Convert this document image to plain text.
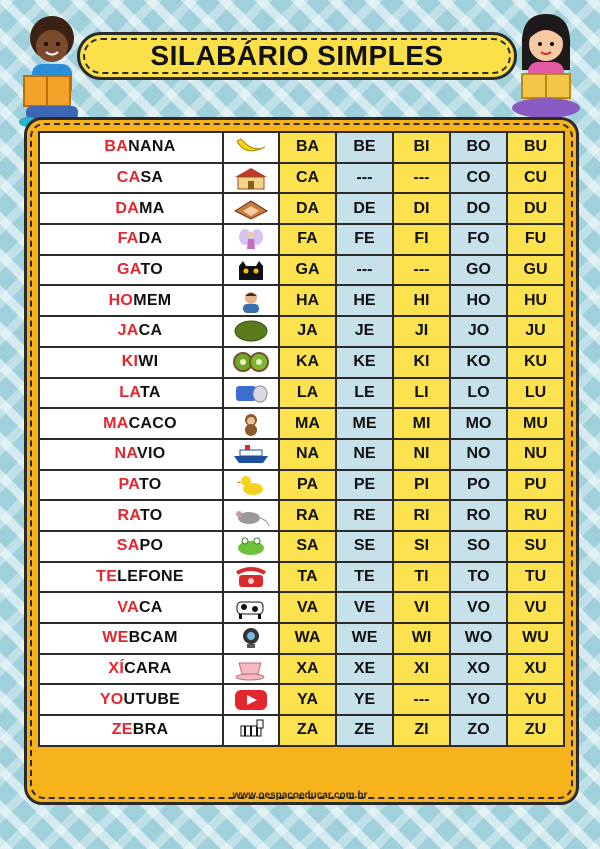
SILABÁRIO SIMPLES
BANANA		BA	BE	BI	BO	BU
CASA		CA	---	---	CO	CU
DAMA		DA	DE	DI	DO	DU
FADA		FA	FE	FI	FO	FU
GATO		GA	---	---	GO	GU
HOMEM		HA	HE	HI	HO	HU
JACA		JA	JE	JI	JO	JU
KIWI		KA	KE	KI	KO	KU
LATA		LA	LE	LI	LO	LU
MACACO		MA	ME	MI	MO	MU
NAVIO		NA	NE	NI	NO	NU
PATO		PA	PE	PI	PO	PU
RATO		RA	RE	RI	RO	RU
SAPO		SA	SE	SI	SO	SU
TELEFONE		TA	TE	TI	TO	TU
VACA		VA	VE	VI	VO	VU
WEBCAM		WA	WE	WI	WO	WU
XÍCARA		XA	XE	XI	XO	XU
YOUTUBE		YA	YE	---	YO	YU
ZEBRA		ZA	ZE	ZI	ZO	ZU
www.oespacoeducar.com.br
